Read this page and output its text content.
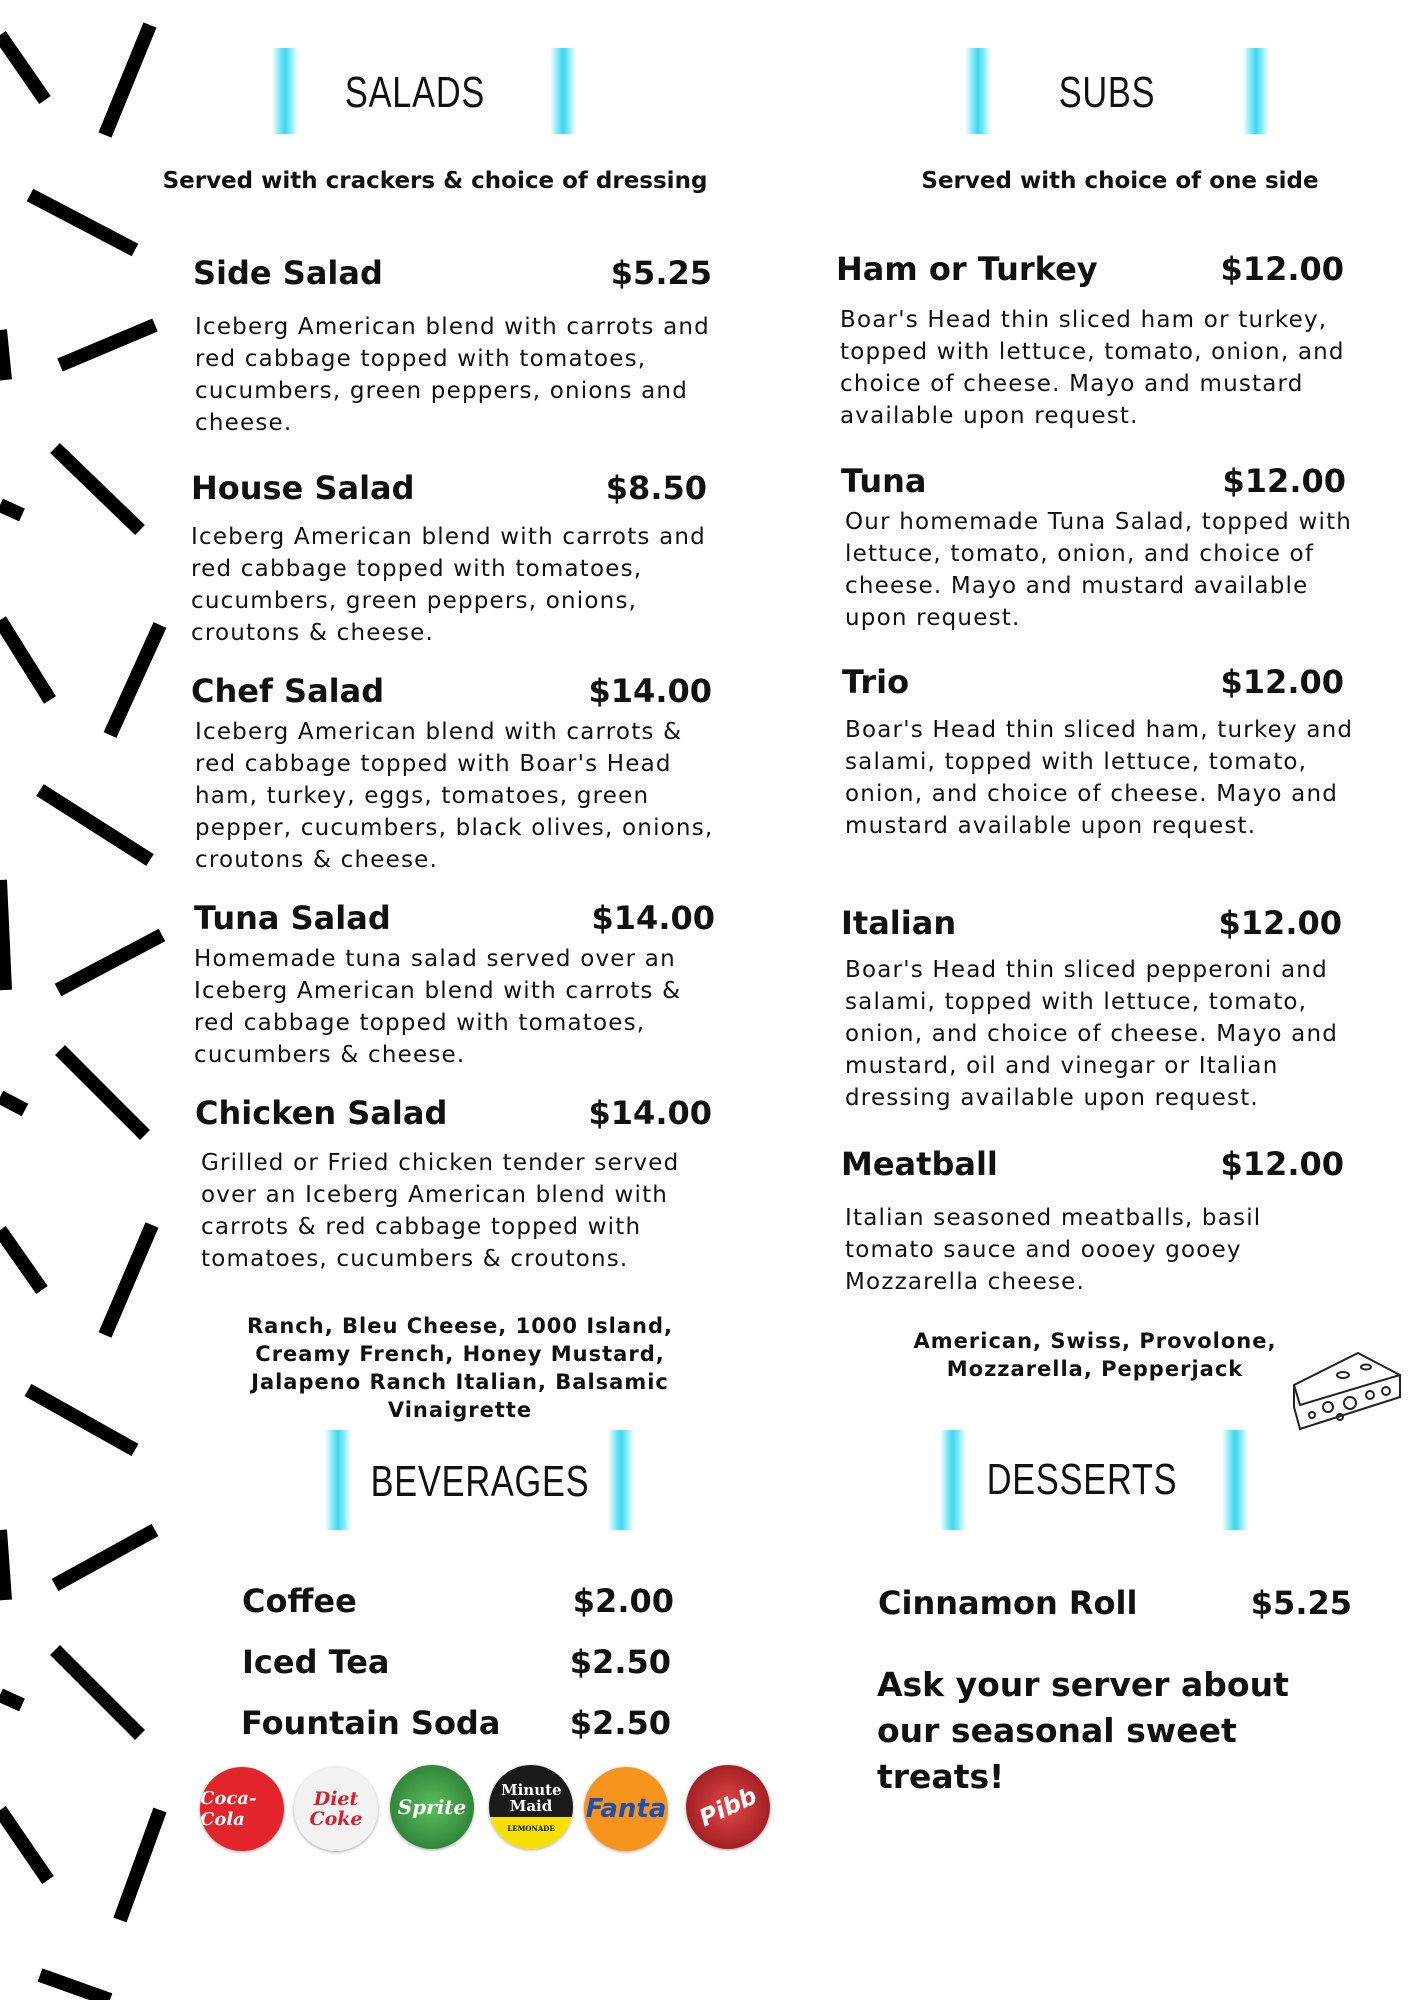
SALADS
Served with crackers & choice of dressing
SUBS
Served with choice of one side
Side Salad	$5.25
Iceberg American blend with carrots and red cabbage topped with tomatoes, cucumbers, green peppers, onions and cheese.
House Salad	$8.50
Iceberg American blend with carrots and red cabbage topped with tomatoes, cucumbers, green peppers, onions, croutons & cheese.
Chef Salad	$14.00
Iceberg American blend with carrots & red cabbage topped with Boar's Head ham, turkey, eggs, tomatoes, green pepper, cucumbers, black olives, onions, croutons & cheese.
Tuna Salad	$14.00
Homemade tuna salad served over an Iceberg American blend with carrots & red cabbage topped with tomatoes, cucumbers & cheese.
Chicken Salad	$14.00
Grilled or Fried chicken tender served over an Iceberg American blend with carrots & red cabbage topped with tomatoes, cucumbers & croutons.
Ranch, Bleu Cheese, 1000 Island, Creamy French, Honey Mustard, Jalapeno Ranch Italian, Balsamic Vinaigrette
Ham or Turkey	$12.00
Boar's Head thin sliced ham or turkey, topped with lettuce, tomato, onion, and choice of cheese. Mayo and mustard available upon request.
Tuna	$12.00
Our homemade Tuna Salad, topped with lettuce, tomato, onion, and choice of cheese. Mayo and mustard available upon request.
Trio	$12.00
Boar's Head thin sliced ham, turkey and salami, topped with lettuce, tomato, onion, and choice of cheese. Mayo and mustard available upon request.
Italian	$12.00
Boar's Head thin sliced pepperoni and salami, topped with lettuce, tomato, onion, and choice of cheese. Mayo and mustard, oil and vinegar or Italian dressing available upon request.
Meatball	$12.00
Italian seasoned meatballs, basil tomato sauce and oooey gooey Mozzarella cheese.
American, Swiss, Provolone, Mozzarella, Pepperjack
BEVERAGES	DESSERTS
Coffee	$2.00
Iced Tea	$2.50
Fountain Soda	$2.50
Coca-Cola
Diet Coke	Sprite
Minute Maid
LEMONADE
Fanta Pibb
Cinnamon Roll	$5.25
Ask your server about our seasonal sweet treats!
